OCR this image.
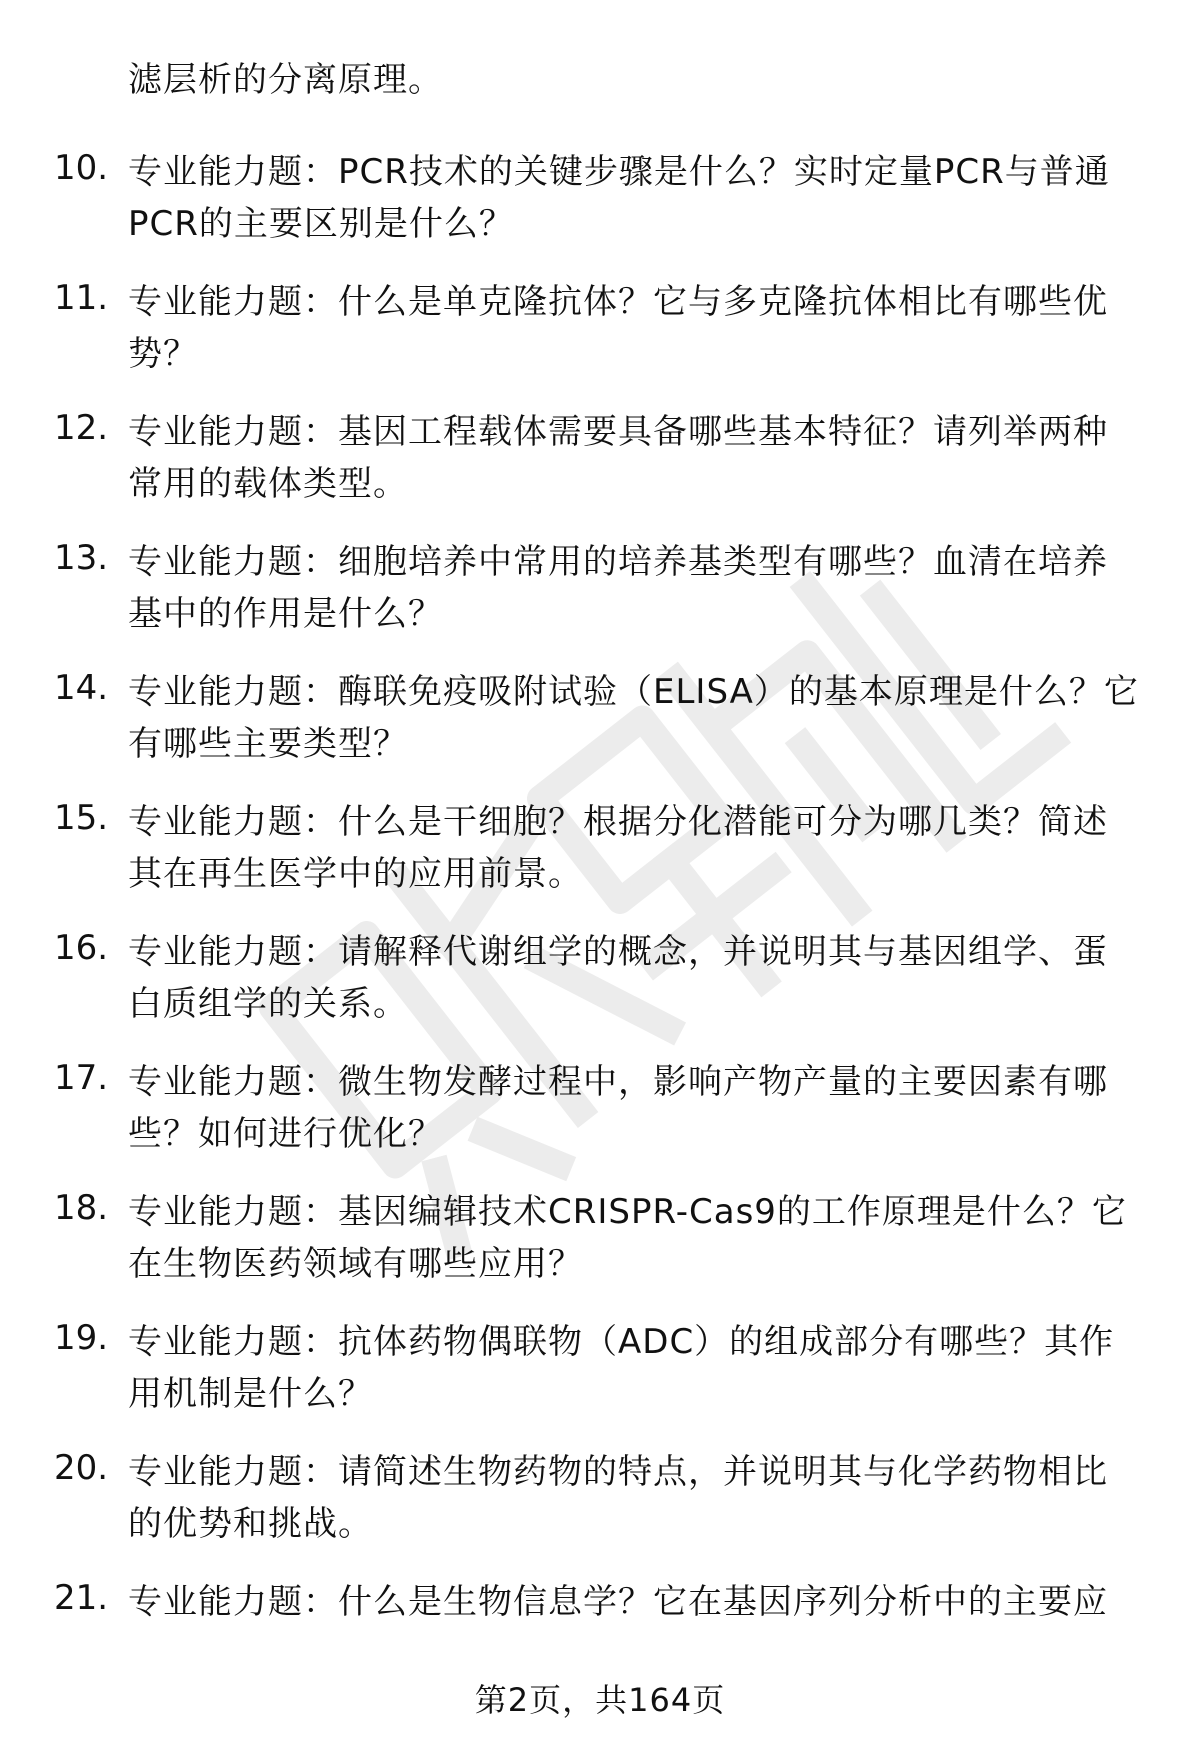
滤层析的分离原理。
10. 专业能力题：PCR技术的关键步骤是什么？实时定量PCR与普通PCR的主要区别是什么？
11. 专业能力题：什么是单克隆抗体？它与多克隆抗体相比有哪些优势？
12. 专业能力题：基因工程载体需要具备哪些基本特征？请列举两种常用的载体类型。
13. 专业能力题：细胞培养中常用的培养基类型有哪些？血清在培养基中的作用是什么？
14. 专业能力题：酶联免疫吸附试验（ELISA）的基本原理是什么？它有哪些主要类型？
15. 专业能力题：什么是干细胞？根据分化潜能可分为哪几类？简述其在再生医学中的应用前景。
16. 专业能力题：请解释代谢组学的概念，并说明其与基因组学、蛋白质组学的关系。
17. 专业能力题：微生物发酵过程中，影响产物产量的主要因素有哪些？如何进行优化？
18. 专业能力题：基因编辑技术CRISPR-Cas9的工作原理是什么？它在生物医药领域有哪些应用？
19. 专业能力题：抗体药物偶联物（ADC）的组成部分有哪些？其作用机制是什么？
20. 专业能力题：请简述生物药物的特点，并说明其与化学药物相比的优势和挑战。
21. 专业能力题：什么是生物信息学？它在基因序列分析中的主要应
第2页，共164页
